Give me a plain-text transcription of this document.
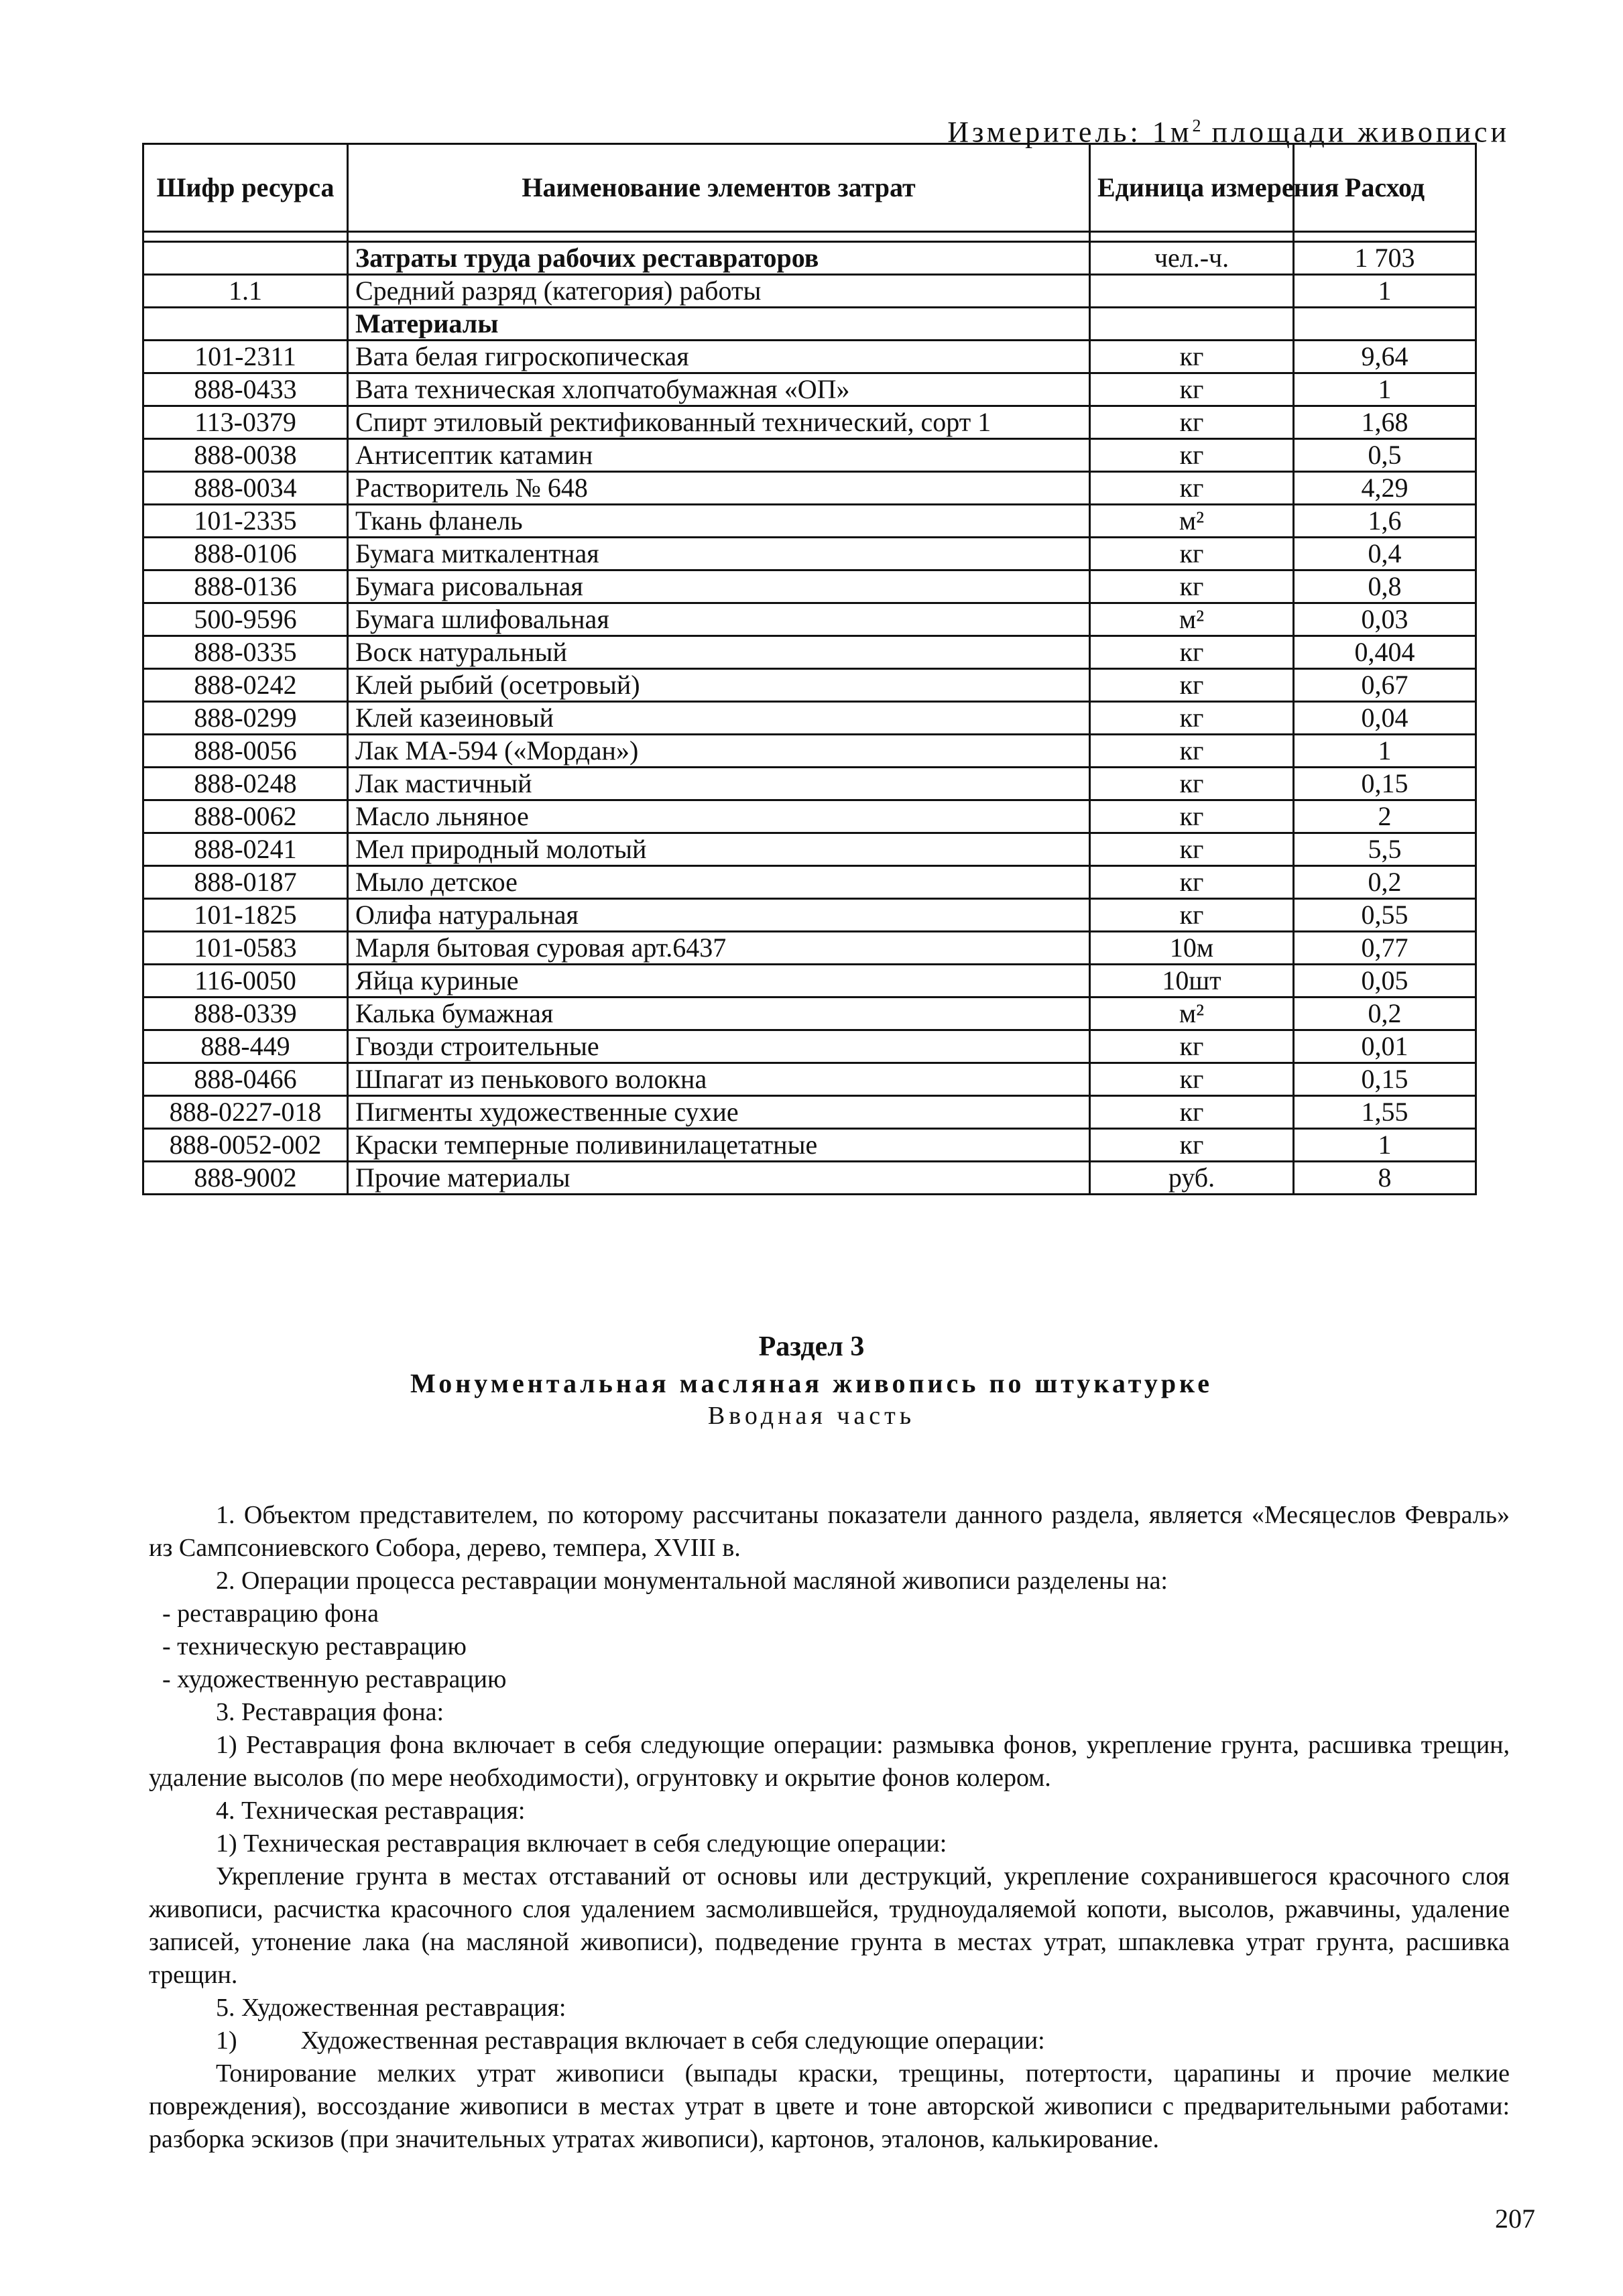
Измеритель: $1м^2$ площади живописи
Шифр ресурса	Наименование элементов затрат	Единица измерения	Расход

	Затраты труда рабочих реставраторов	чел.-ч.	1 703
1.1	Средний разряд (категория) работы		1
	Материалы		
101-2311	Вата белая гигроскопическая	кг	9,64
888-0433	Вата техническая хлопчатобумажная «ОП»	кг	1
113-0379	Спирт этиловый ректификованный технический, сорт 1	кг	1,68
888-0038	Антисептик катамин	кг	0,5
888-0034	Растворитель № 648	кг	4,29
101-2335	Ткань фланель	м²	1,6
888-0106	Бумага миткалентная	кг	0,4
888-0136	Бумага рисовальная	кг	0,8
500-9596	Бумага шлифовальная	м²	0,03
888-0335	Воск натуральный	кг	0,404
888-0242	Клей рыбий (осетровый)	кг	0,67
888-0299	Клей казеиновый	кг	0,04
888-0056	Лак МА-594 («Мордан»)	кг	1
888-0248	Лак мастичный	кг	0,15
888-0062	Масло льняное	кг	2
888-0241	Мел природный молотый	кг	5,5
888-0187	Мыло детское	кг	0,2
101-1825	Олифа натуральная	кг	0,55
101-0583	Марля бытовая суровая арт.6437	10м	0,77
116-0050	Яйца куриные	10шт	0,05
888-0339	Калька бумажная	м²	0,2
888-449	Гвозди строительные	кг	0,01
888-0466	Шпагат из пенькового волокна	кг	0,15
888-0227-018	Пигменты художественные сухие	кг	1,55
888-0052-002	Краски темперные поливинилацетатные	кг	1
888-9002	Прочие материалы	руб.	8
Раздел 3
Монументальная масляная живопись по штукатурке
Вводная часть

1. Объектом представителем, по которому рассчитаны показатели данного раздела, является «Месяцеслов Февраль» из Сампсониевского Собора, дерево, темпера, XVIII в.

2. Операции процесса реставрации монументальной масляной живописи разделены на:

- реставрацию фона

- техническую реставрацию

- художественную реставрацию

3. Реставрация фона:

1) Реставрация фона включает в себя следующие операции: размывка фонов, укрепление грунта, расшивка трещин, удаление высолов (по мере необходимости), огрунтовку и окрытие фонов колером.

4. Техническая реставрация:

1) Техническая реставрация включает в себя следующие операции:

Укрепление грунта в местах отставаний от основы или деструкций, укрепление сохранившегося красочного слоя живописи, расчистка красочного слоя удалением засмолившейся, трудноудаляемой копоти, высолов, ржавчины, удаление записей, утонение лака (на масляной живописи), подведение грунта в местах утрат, шпаклевка утрат грунта, расшивка трещин.

5. Художественная реставрация:

1)          Художественная реставрация включает в себя следующие операции:

Тонирование мелких утрат живописи (выпады краски, трещины, потертости, царапины и прочие мелкие повреждения), воссоздание живописи в местах утрат в цвете и тоне авторской живописи с предварительными работами: разборка эскизов (при значительных утратах живописи), картонов, эталонов, калькирование.

207
